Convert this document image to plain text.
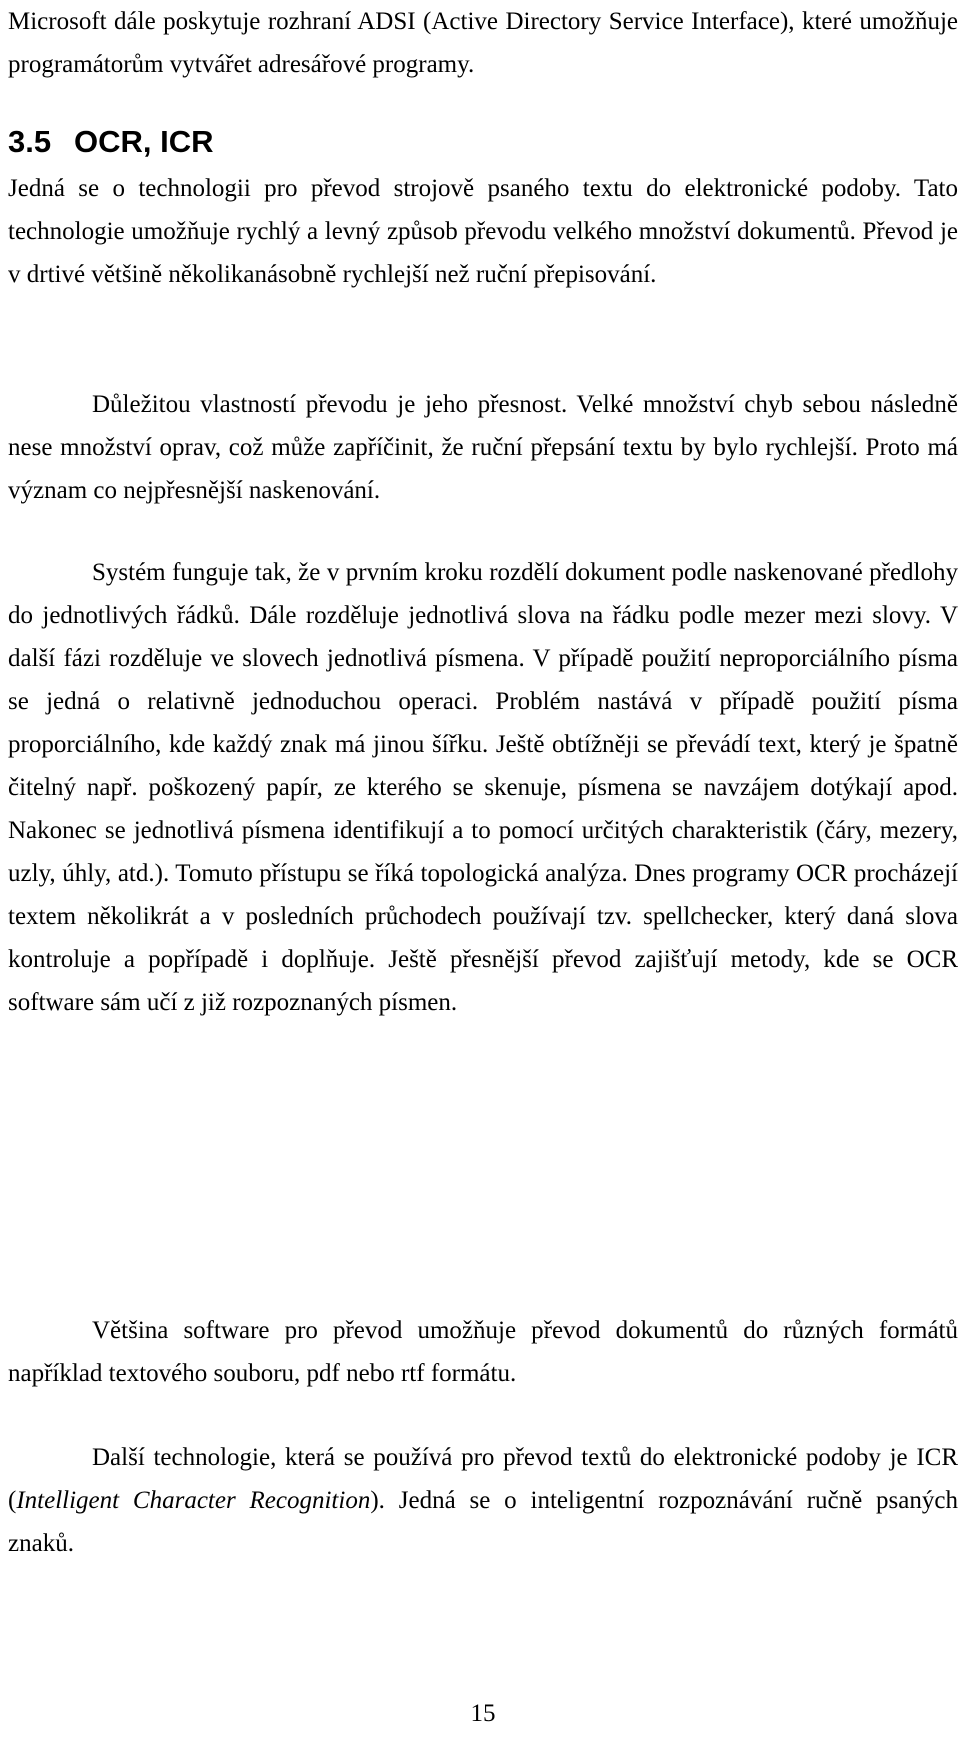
Microsoft dále poskytuje rozhraní ADSI (Active Directory Service Interface), které umožňuje programátorům vytvářet adresářové programy.

3.5 OCR, ICR

Jedná se o technologii pro převod strojově psaného textu do elektronické podoby. Tato technologie umožňuje rychlý a levný způsob převodu velkého množství dokumentů. Převod je v drtivé většině několikanásobně rychlejší než ruční přepisování.

Důležitou vlastností převodu je jeho přesnost. Velké množství chyb sebou následně nese množství oprav, což může zapříčinit, že ruční přepsání textu by bylo rychlejší. Proto má význam co nejpřesnější naskenování.

Systém funguje tak, že v prvním kroku rozdělí dokument podle naskenované předlohy do jednotlivých řádků. Dále rozděluje jednotlivá slova na řádku podle mezer mezi slovy. V další fázi rozděluje ve slovech jednotlivá písmena. V případě použití neproporciálního písma se jedná o relativně jednoduchou operaci. Problém nastává v případě použití písma proporciálního, kde každý znak má jinou šířku. Ještě obtížněji se převádí text, který je špatně čitelný např. poškozený papír, ze kterého se skenuje, písmena se navzájem dotýkají apod. Nakonec se jednotlivá písmena identifikují a to pomocí určitých charakteristik (čáry, mezery, uzly, úhly, atd.). Tomuto přístupu se říká topologická analýza. Dnes programy OCR procházejí textem několikrát a v posledních průchodech používají tzv. spellchecker, který daná slova kontroluje a popřípadě i doplňuje. Ještě přesnější převod zajišťují metody, kde se OCR software sám učí z již rozpoznaných písmen.

Většina software pro převod umožňuje převod dokumentů do různých formátů například textového souboru, pdf nebo rtf formátu.

Další technologie, která se používá pro převod textů do elektronické podoby je ICR (Intelligent Character Recognition). Jedná se o inteligentní rozpoznávání ručně psaných znaků.

15
